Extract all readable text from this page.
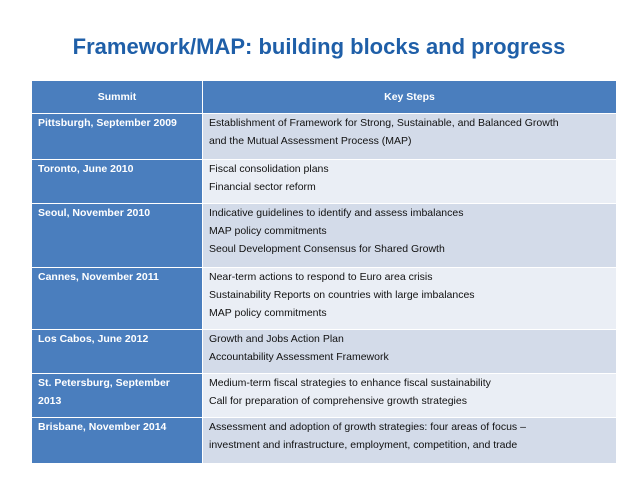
Framework/MAP: building blocks and progress
Summit	Key Steps
Pittsburgh, September 2009	Establishment of Framework for Strong, Sustainable, and Balanced Growth
and the Mutual Assessment Process (MAP)

Toronto, June 2010	Fiscal consolidation plans
Financial sector reform

Seoul, November 2010	Indicative guidelines to identify and assess imbalances
MAP policy commitments
Seoul Development Consensus for Shared Growth

Cannes, November 2011	Near-term actions to respond to Euro area crisis
Sustainability Reports on countries with large imbalances
MAP policy commitments

Los Cabos, June 2012	Growth and Jobs Action Plan
Accountability Assessment Framework

St. Petersburg, September 2013	Medium-term fiscal strategies to enhance fiscal sustainability
Call for preparation of comprehensive growth strategies

Brisbane, November 2014	Assessment and adoption of growth strategies: four areas of focus –
investment and infrastructure, employment, competition, and trade
